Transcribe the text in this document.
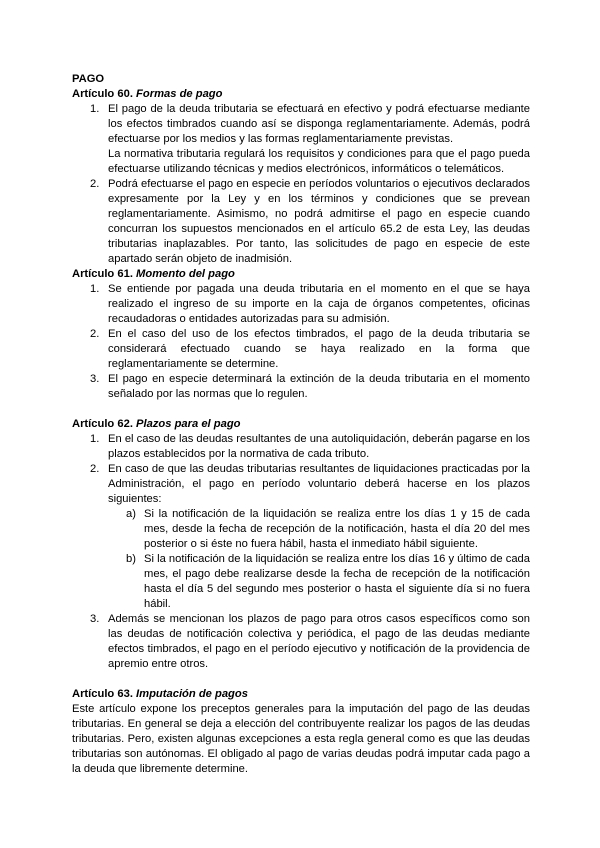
PAGO
Artículo 60. Formas de pago
1. El pago de la deuda tributaria se efectuará en efectivo y podrá efectuarse mediante los efectos timbrados cuando así se disponga reglamentariamente. Además, podrá efectuarse por los medios y las formas reglamentariamente previstas.

La normativa tributaria regulará los requisitos y condiciones para que el pago pueda efectuarse utilizando técnicas y medios electrónicos, informáticos o telemáticos.

2. Podrá efectuarse el pago en especie en períodos voluntarios o ejecutivos declarados expresamente por la Ley y en los términos y condiciones que se prevean reglamentariamente. Asimismo, no podrá admitirse el pago en especie cuando concurran los supuestos mencionados en el artículo 65.2 de esta Ley, las deudas tributarias inaplazables. Por tanto, las solicitudes de pago en especie de este apartado serán objeto de inadmisión.

Artículo 61. Momento del pago
1. Se entiende por pagada una deuda tributaria en el momento en el que se haya realizado el ingreso de su importe en la caja de órganos competentes, oficinas recaudadoras o entidades autorizadas para su admisión.

2. En el caso del uso de los efectos timbrados, el pago de la deuda tributaria se considerará efectuado cuando se haya realizado en la forma que reglamentariamente se determine.

3. El pago en especie determinará la extinción de la deuda tributaria en el momento señalado por las normas que lo regulen.

Artículo 62. Plazos para el pago
1. En el caso de las deudas resultantes de una autoliquidación, deberán pagarse en los plazos establecidos por la normativa de cada tributo.

2. En caso de que las deudas tributarias resultantes de liquidaciones practicadas por la Administración, el pago en período voluntario deberá hacerse en los plazos siguientes:

a) Si la notificación de la liquidación se realiza entre los días 1 y 15 de cada mes, desde la fecha de recepción de la notificación, hasta el día 20 del mes posterior o si éste no fuera hábil, hasta el inmediato hábil siguiente.
b) Si la notificación de la liquidación se realiza entre los días 16 y último de cada mes, el pago debe realizarse desde la fecha de recepción de la notificación hasta el día 5 del segundo mes posterior o hasta el siguiente día si no fuera hábil.
3. Además se mencionan los plazos de pago para otros casos específicos como son las deudas de notificación colectiva y periódica, el pago de las deudas mediante efectos timbrados, el pago en el período ejecutivo y notificación de la providencia de apremio entre otros.

Artículo 63. Imputación de pagos

Este artículo expone los preceptos generales para la imputación del pago de las deudas tributarias. En general se deja a elección del contribuyente realizar los pagos de las deudas tributarias. Pero, existen algunas excepciones a esta regla general como es que las deudas tributarias son autónomas. El obligado al pago de varias deudas podrá imputar cada pago a la deuda que libremente determine.
